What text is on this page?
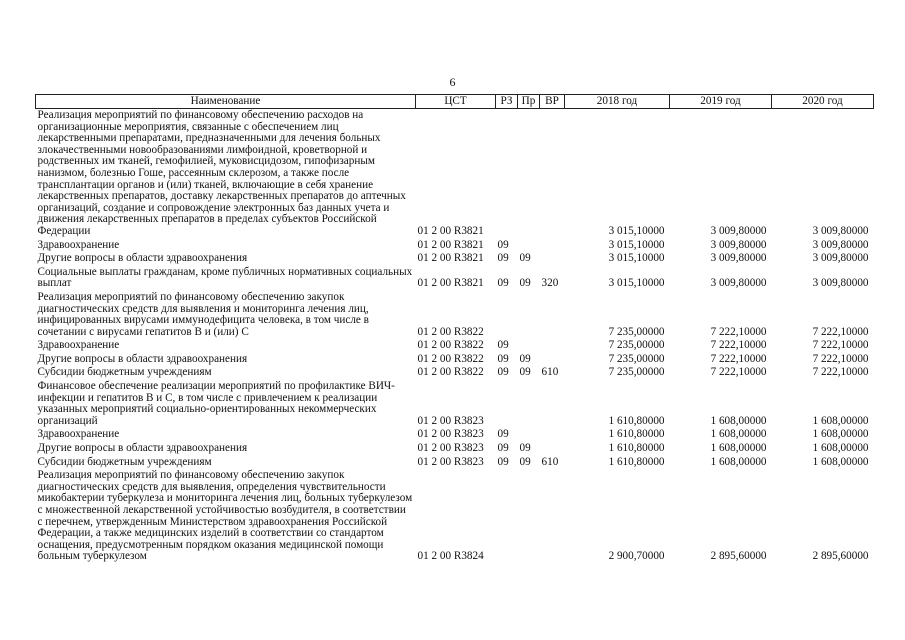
6
Наименование	ЦСТ	РЗ	Пр	ВР	2018 год	2019 год	2020 год
Реализация мероприятий по финансовому обеспечению расходов на организационные мероприятия, связанные с обеспечением лиц лекарственными препаратами, предназначенными для лечения больных злокачественными новообразованиями лимфоидной, кроветворной и родственных им тканей, гемофилией, муковисцидозом, гипофизарным нанизмом, болезнью Гоше, рассеянным склерозом, а также после трансплантации органов и (или) тканей, включающие в себя хранение лекарственных препаратов, доставку лекарственных препаратов до аптечных организаций, создание и сопровождение электронных баз данных учета и движения лекарственных препаратов в пределах субъектов Российской Федерации	01 2 00 R3821				3 015,10000	3 009,80000	3 009,80000
Здравоохранение	01 2 00 R3821	09			3 015,10000	3 009,80000	3 009,80000
Другие вопросы в области здравоохранения	01 2 00 R3821	09	09		3 015,10000	3 009,80000	3 009,80000
Социальные выплаты гражданам, кроме публичных нормативных социальных выплат	01 2 00 R3821	09	09	320	3 015,10000	3 009,80000	3 009,80000
Реализация мероприятий по финансовому обеспечению закупок диагностических средств для выявления и мониторинга лечения лиц, инфицированных вирусами иммунодефицита человека, в том числе в сочетании с вирусами гепатитов В и (или) С	01 2 00 R3822				7 235,00000	7 222,10000	7 222,10000
Здравоохранение	01 2 00 R3822	09			7 235,00000	7 222,10000	7 222,10000
Другие вопросы в области здравоохранения	01 2 00 R3822	09	09		7 235,00000	7 222,10000	7 222,10000
Субсидии бюджетным учреждениям	01 2 00 R3822	09	09	610	7 235,00000	7 222,10000	7 222,10000
Финансовое обеспечение реализации мероприятий по профилактике ВИЧ-инфекции и гепатитов В и С, в том числе с привлечением к реализации указанных мероприятий социально-ориентированных некоммерческих организаций	01 2 00 R3823				1 610,80000	1 608,00000	1 608,00000
Здравоохранение	01 2 00 R3823	09			1 610,80000	1 608,00000	1 608,00000
Другие вопросы в области здравоохранения	01 2 00 R3823	09	09		1 610,80000	1 608,00000	1 608,00000
Субсидии бюджетным учреждениям	01 2 00 R3823	09	09	610	1 610,80000	1 608,00000	1 608,00000
Реализация мероприятий по финансовому обеспечению закупок диагностических средств для выявления, определения чувствительности микобактерии туберкулеза и мониторинга лечения лиц, больных туберкулезом с множественной лекарственной устойчивостью возбудителя, в соответствии с перечнем, утвержденным Министерством здравоохранения Российской Федерации, а также медицинских изделий в соответствии со стандартом оснащения, предусмотренным порядком оказания медицинской помощи больным туберкулезом	01 2 00 R3824				2 900,70000	2 895,60000	2 895,60000
